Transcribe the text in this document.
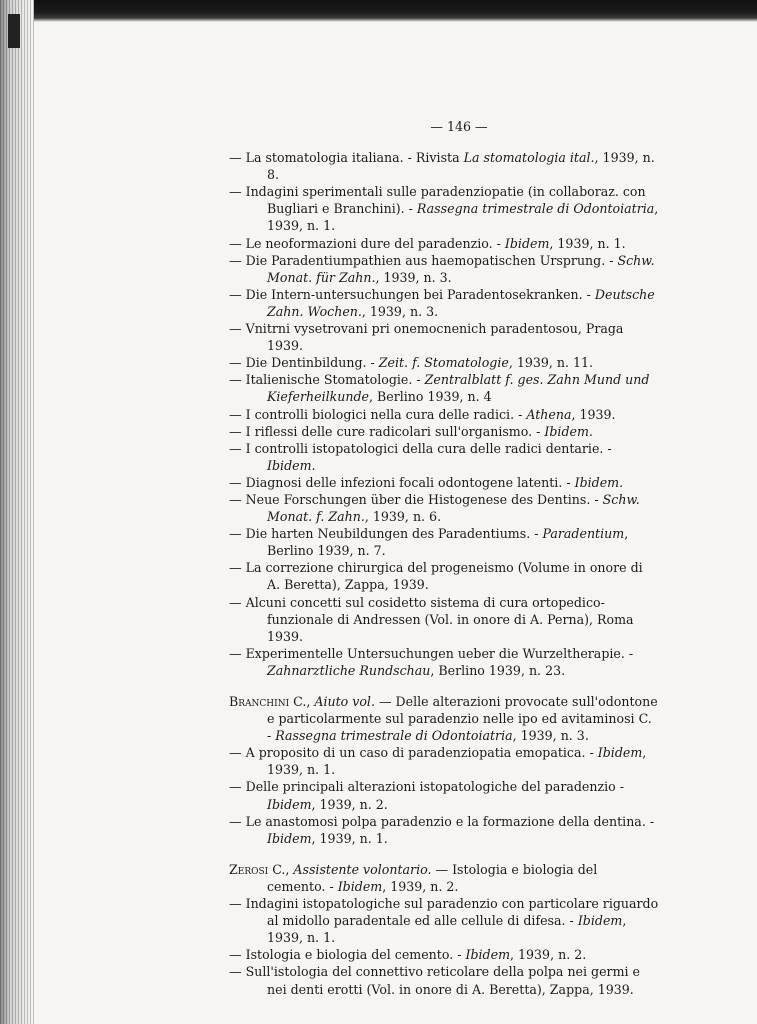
— 146 —

— La stomatologia italiana. - Rivista La stomatologia ital., 1939, n. 8.

— Indagini sperimentali sulle paradenziopatie (in collaboraz. con Bugliari e Branchini). - Rassegna trimestrale di Odontoiatria, 1939, n. 1.

— Le neoformazioni dure del paradenzio. - Ibidem, 1939, n. 1.

— Die Paradentiumpathien aus haemopatischen Ursprung. - Schw. Monat. für Zahn., 1939, n. 3.

— Die Intern-untersuchungen bei Paradentosekranken. - Deutsche Zahn. Wochen., 1939, n. 3.

— Vnitrni vysetrovani pri onemocnenich paradentosou, Praga 1939.

— Die Dentinbildung. - Zeit. f. Stomatologie, 1939, n. 11.

— Italienische Stomatologie. - Zentralblatt f. ges. Zahn Mund und Kieferheilkunde, Berlino 1939, n. 4

— I controlli biologici nella cura delle radici. - Athena, 1939.

— I riflessi delle cure radicolari sull'organismo. - Ibidem.

— I controlli istopatologici della cura delle radici dentarie. - Ibidem.

— Diagnosi delle infezioni focali odontogene latenti. - Ibidem.

— Neue Forschungen über die Histogenese des Dentins. - Schw. Monat. f. Zahn., 1939, n. 6.

— Die harten Neubildungen des Paradentiums. - Paradentium, Berlino 1939, n. 7.

— La correzione chirurgica del progeneismo (Volume in onore di A. Beretta), Zappa, 1939.

— Alcuni concetti sul cosidetto sistema di cura ortopedico-funzionale di Andressen (Vol. in onore di A. Perna), Roma 1939.

— Experimentelle Untersuchungen ueber die Wurzeltherapie. - Zahnarztliche Rundschau, Berlino 1939, n. 23.

Branchini C., Aiuto vol. — Delle alterazioni provocate sull'odontone e particolarmente sul paradenzio nelle ipo ed avitaminosi C. - Rassegna trimestrale di Odontoiatria, 1939, n. 3.

— A proposito di un caso di paradenziopatia emopatica. - Ibidem, 1939, n. 1.

— Delle principali alterazioni istopatologiche del paradenzio - Ibidem, 1939, n. 2.

— Le anastomosi polpa paradenzio e la formazione della dentina. - Ibidem, 1939, n. 1.

Zerosi C., Assistente volontario. — Istologia e biologia del cemento. - Ibidem, 1939, n. 2.

— Indagini istopatologiche sul paradenzio con particolare riguardo al midollo paradentale ed alle cellule di difesa. - Ibidem, 1939, n. 1.

— Istologia e biologia del cemento. - Ibidem, 1939, n. 2.

— Sull'istologia del connettivo reticolare della polpa nei germi e nei denti erotti (Vol. in onore di A. Beretta), Zappa, 1939.
